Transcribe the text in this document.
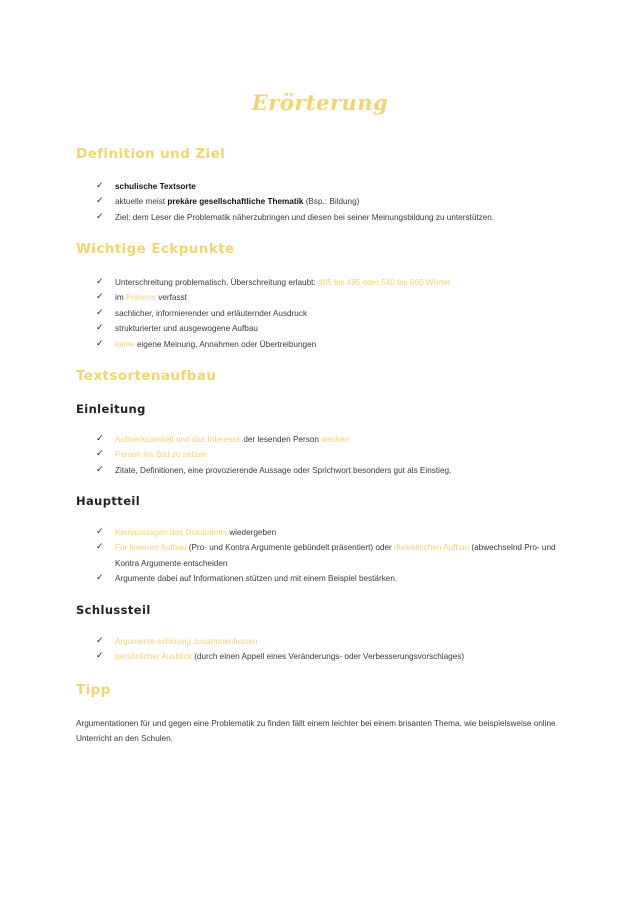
Erörterung
Definition und Ziel
✓ schulische Textsorte
✓ aktuelle meist prekäre gesellschaftliche Thematik (Bsp.: Bildung)
✓ Ziel: dem Leser die Problematik näherzubringen und diesen bei seiner Meinungsbildung zu unterstützen.
Wichtige Eckpunkte
✓ Unterschreitung problematisch, Überschreitung erlaubt: 405 bis 495 oder 540 bis 660 Wörter
✓ im Präsens verfasst
✓ sachlicher, informierender und erläuternder Ausdruck
✓ strukturierter und ausgewogene Aufbau
✓ keine eigene Meinung, Annahmen oder Übertreibungen
Textsortenaufbau
Einleitung
✓ Aufmerksamkeit und das Interesse der lesenden Person wecken
✓ Person ins Bild zu setzen
✓ Zitate, Definitionen, eine provozierende Aussage oder Sprichwort besonders gut als Einstieg.
Hauptteil
✓ Kernaussagen des Dokuments wiedergeben
✓ Für linearen Aufbau (Pro- und Kontra Argumente gebündelt präsentiert) oder dialektischen Aufbau (abwechselnd Pro- und Kontra Argumente entscheiden
✓ Argumente dabei auf Informationen stützen und mit einem Beispiel bestärken.
Schlussteil
✓ Argumente schlüssig zusammenfassen
✓ persönlicher Ausblick (durch einen Appell eines Veränderungs- oder Verbesserungsvorschlages)
Tipp
Argumentationen für und gegen eine Problematik zu finden fällt einem leichter bei einem brisanten Thema, wie beispielsweise online Unterricht an den Schulen.
